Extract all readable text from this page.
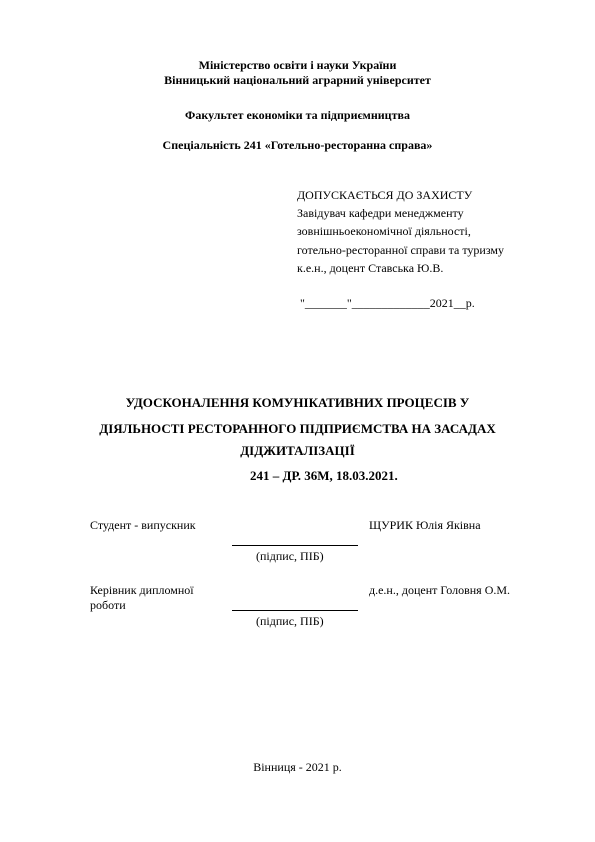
Міністерство освіти і науки України
Вінницький національний аграрний університет
Факультет економіки та підприємництва
Спеціальність 241 «Готельно-ресторанна справа»
ДОПУСКАЄТЬСЯ ДО ЗАХИСТУ
Завідувач кафедри менеджменту
зовнішньоекономічної діяльності,
готельно-ресторанної справи та туризму
к.е.н., доцент Ставська Ю.В.
"_______"_____________2021__р.
УДОСКОНАЛЕННЯ КОМУНІКАТИВНИХ ПРОЦЕСІВ У
ДІЯЛЬНОСТІ РЕСТОРАННОГО ПІДПРИЄМСТВА НА ЗАСАДАХ
ДІДЖИТАЛІЗАЦІЇ
241 – ДР. 36М, 18.03.2021.
Студент - випускник	ЩУРИК Юлія Яківна
(підпис, ПІБ)
Керівник дипломної
роботи
д.е.н., доцент Головня О.М.
(підпис, ПІБ)
Вінниця - 2021 р.
